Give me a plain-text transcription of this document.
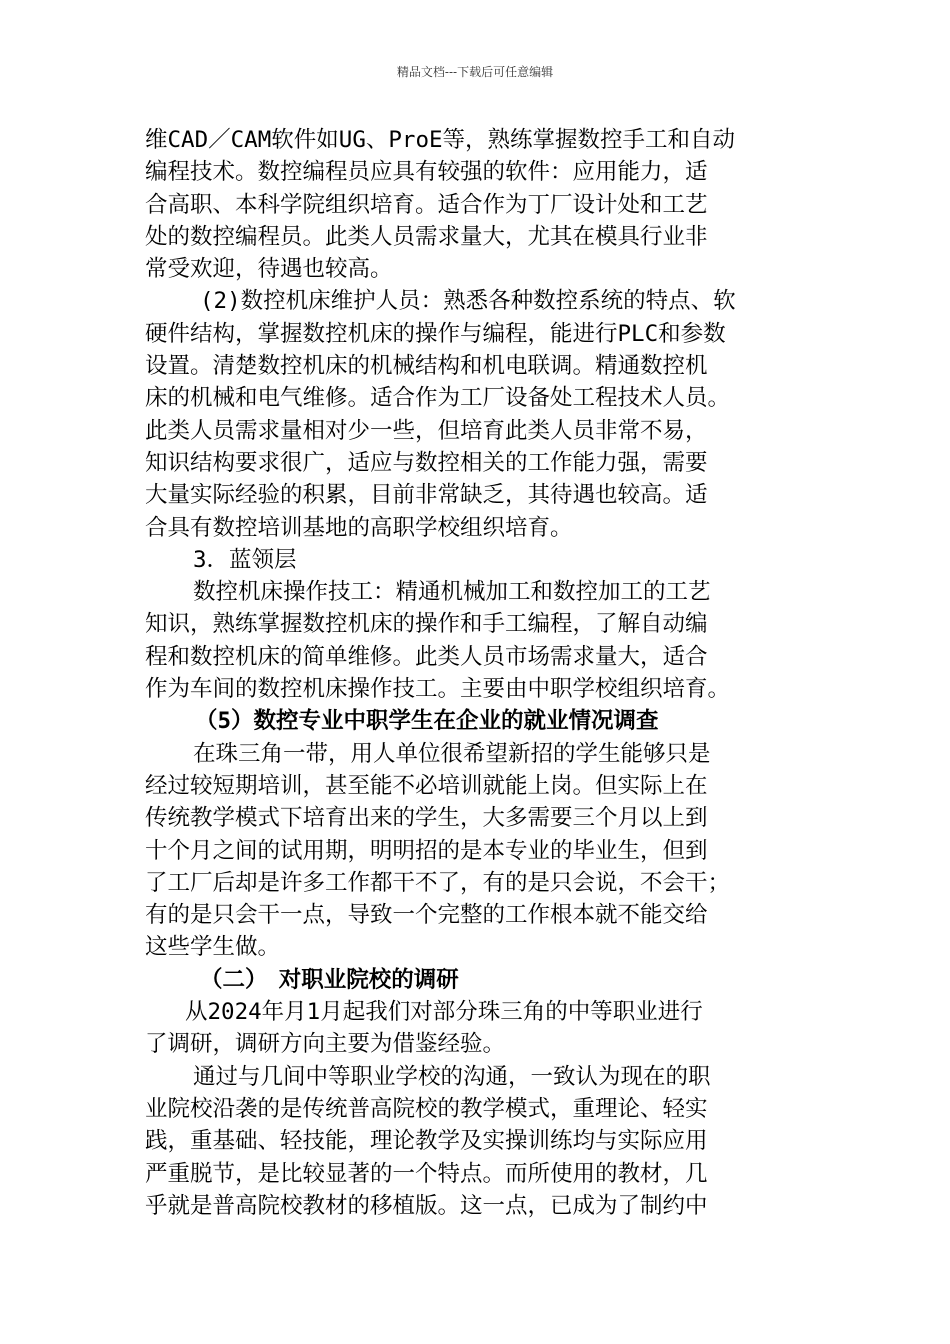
精品文档---下载后可任意编辑
维CAD／CAM软件如UG、ProE等，熟练掌握数控手工和自动
编程技术。数控编程员应具有较强的软件：应用能力，适
合高职、本科学院组织培育。适合作为丁厂设计处和工艺
处的数控编程员。此类人员需求量大，尤其在模具行业非
常受欢迎，待遇也较高。
(2)数控机床维护人员：熟悉各种数控系统的特点、软
硬件结构，掌握数控机床的操作与编程，能进行PLC和参数
设置。清楚数控机床的机械结构和机电联调。精通数控机
床的机械和电气维修。适合作为工厂设备处工程技术人员。
此类人员需求量相对少一些，但培育此类人员非常不易，
知识结构要求很广，适应与数控相关的工作能力强，需要
大量实际经验的积累，目前非常缺乏，其待遇也较高。适
合具有数控培训基地的高职学校组织培育。
3．蓝领层
数控机床操作技工：精通机械加工和数控加工的工艺
知识，熟练掌握数控机床的操作和手工编程，了解自动编
程和数控机床的简单维修。此类人员市场需求量大，适合
作为车间的数控机床操作技工。主要由中职学校组织培育。
（5）数控专业中职学生在企业的就业情况调查
在珠三角一带，用人单位很希望新招的学生能够只是
经过较短期培训，甚至能不必培训就能上岗。但实际上在
传统教学模式下培育出来的学生，大多需要三个月以上到
十个月之间的试用期，明明招的是本专业的毕业生，但到
了工厂后却是许多工作都干不了，有的是只会说，不会干；
有的是只会干一点，导致一个完整的工作根本就不能交给
这些学生做。
（二）　对职业院校的调研
从2024年月1月起我们对部分珠三角的中等职业进行
了调研，调研方向主要为借鉴经验。
通过与几间中等职业学校的沟通，一致认为现在的职
业院校沿袭的是传统普高院校的教学模式，重理论、轻实
践，重基础、轻技能，理论教学及实操训练均与实际应用
严重脱节，是比较显著的一个特点。而所使用的教材，几
乎就是普高院校教材的移植版。这一点，已成为了制约中
